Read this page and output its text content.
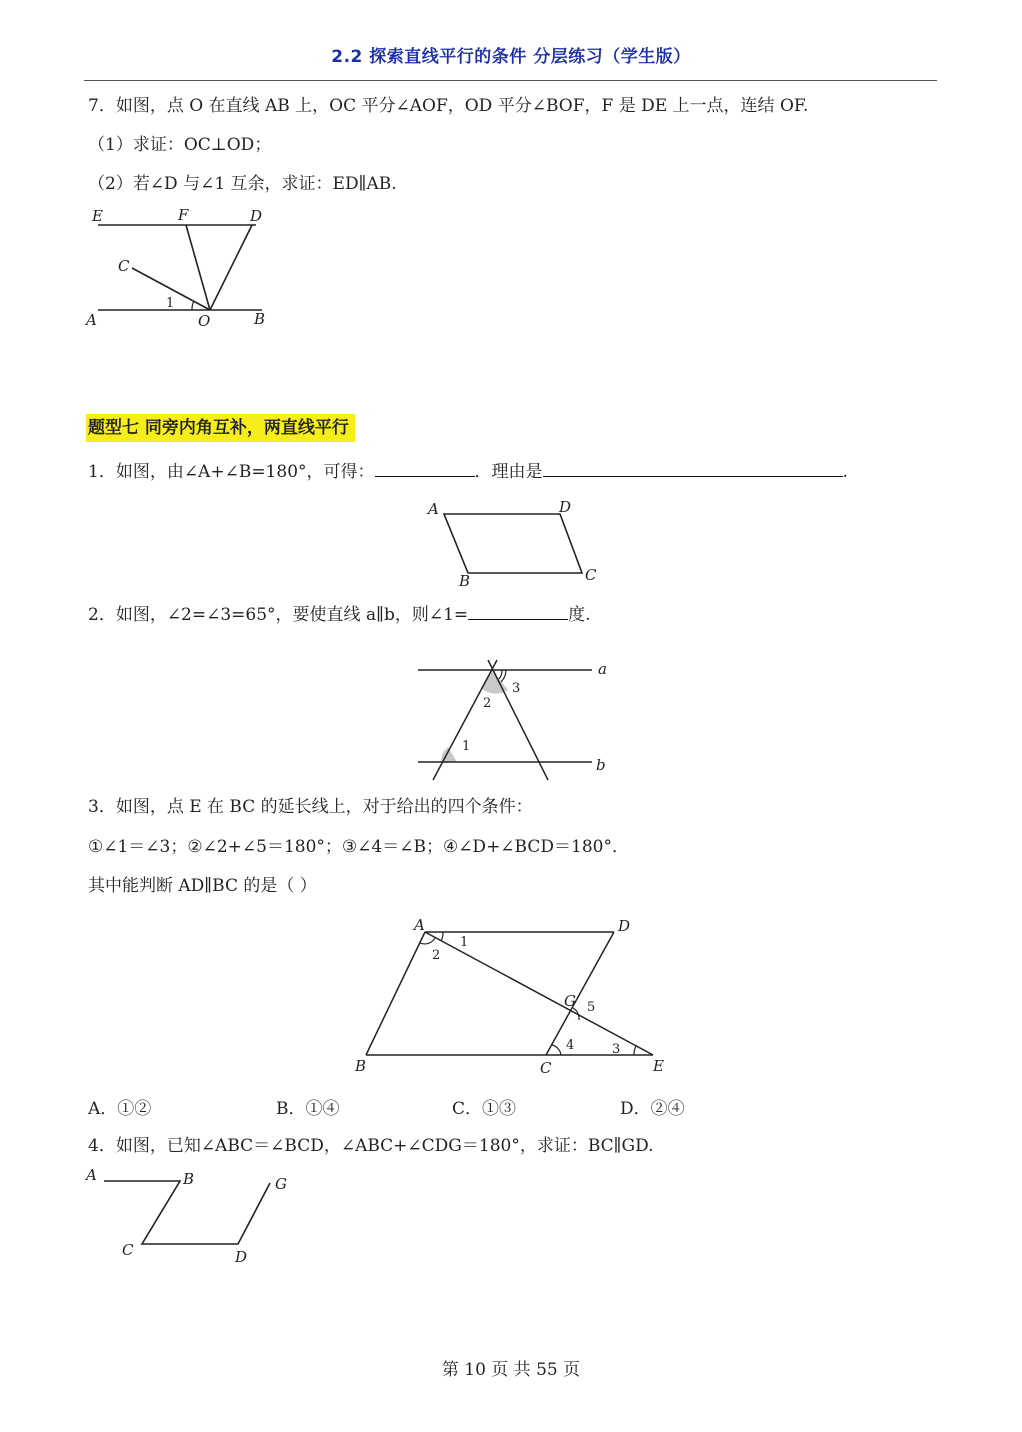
2.2 探索直线平行的条件 分层练习（学生版）
7．如图，点 O 在直线 AB 上，OC 平分∠AOF，OD 平分∠BOF，F 是 DE 上一点，连结 OF.
（1）求证：OC⊥OD；
（2）若∠D 与∠1 互余，求证：ED∥AB.
E	F	D
C
1
A	O	B
题型七 同旁内角互补，两直线平行
1．如图，由∠A+∠B=180°，可得：	．理由是	.
A	D
B	C
2．如图，∠2=∠3=65°，要使直线 a∥b，则∠1=	度.
a
3
2
1
b
3．如图，点 E 在 BC 的延长线上，对于给出的四个条件：
①∠1＝∠3；②∠2+∠5＝180°；③∠4＝∠B；④∠D+∠BCD＝180°．
其中能判断 AD∥BC 的是（ ）
A
1
D
2
G 5
4	3
B	C	E
A．①②	B．①④	C．①③	D．②④
4．如图，已知∠ABC＝∠BCD，∠ABC+∠CDG＝180°，求证：BC∥GD.
A	B	G
C	D
第 10 页 共 55 页
